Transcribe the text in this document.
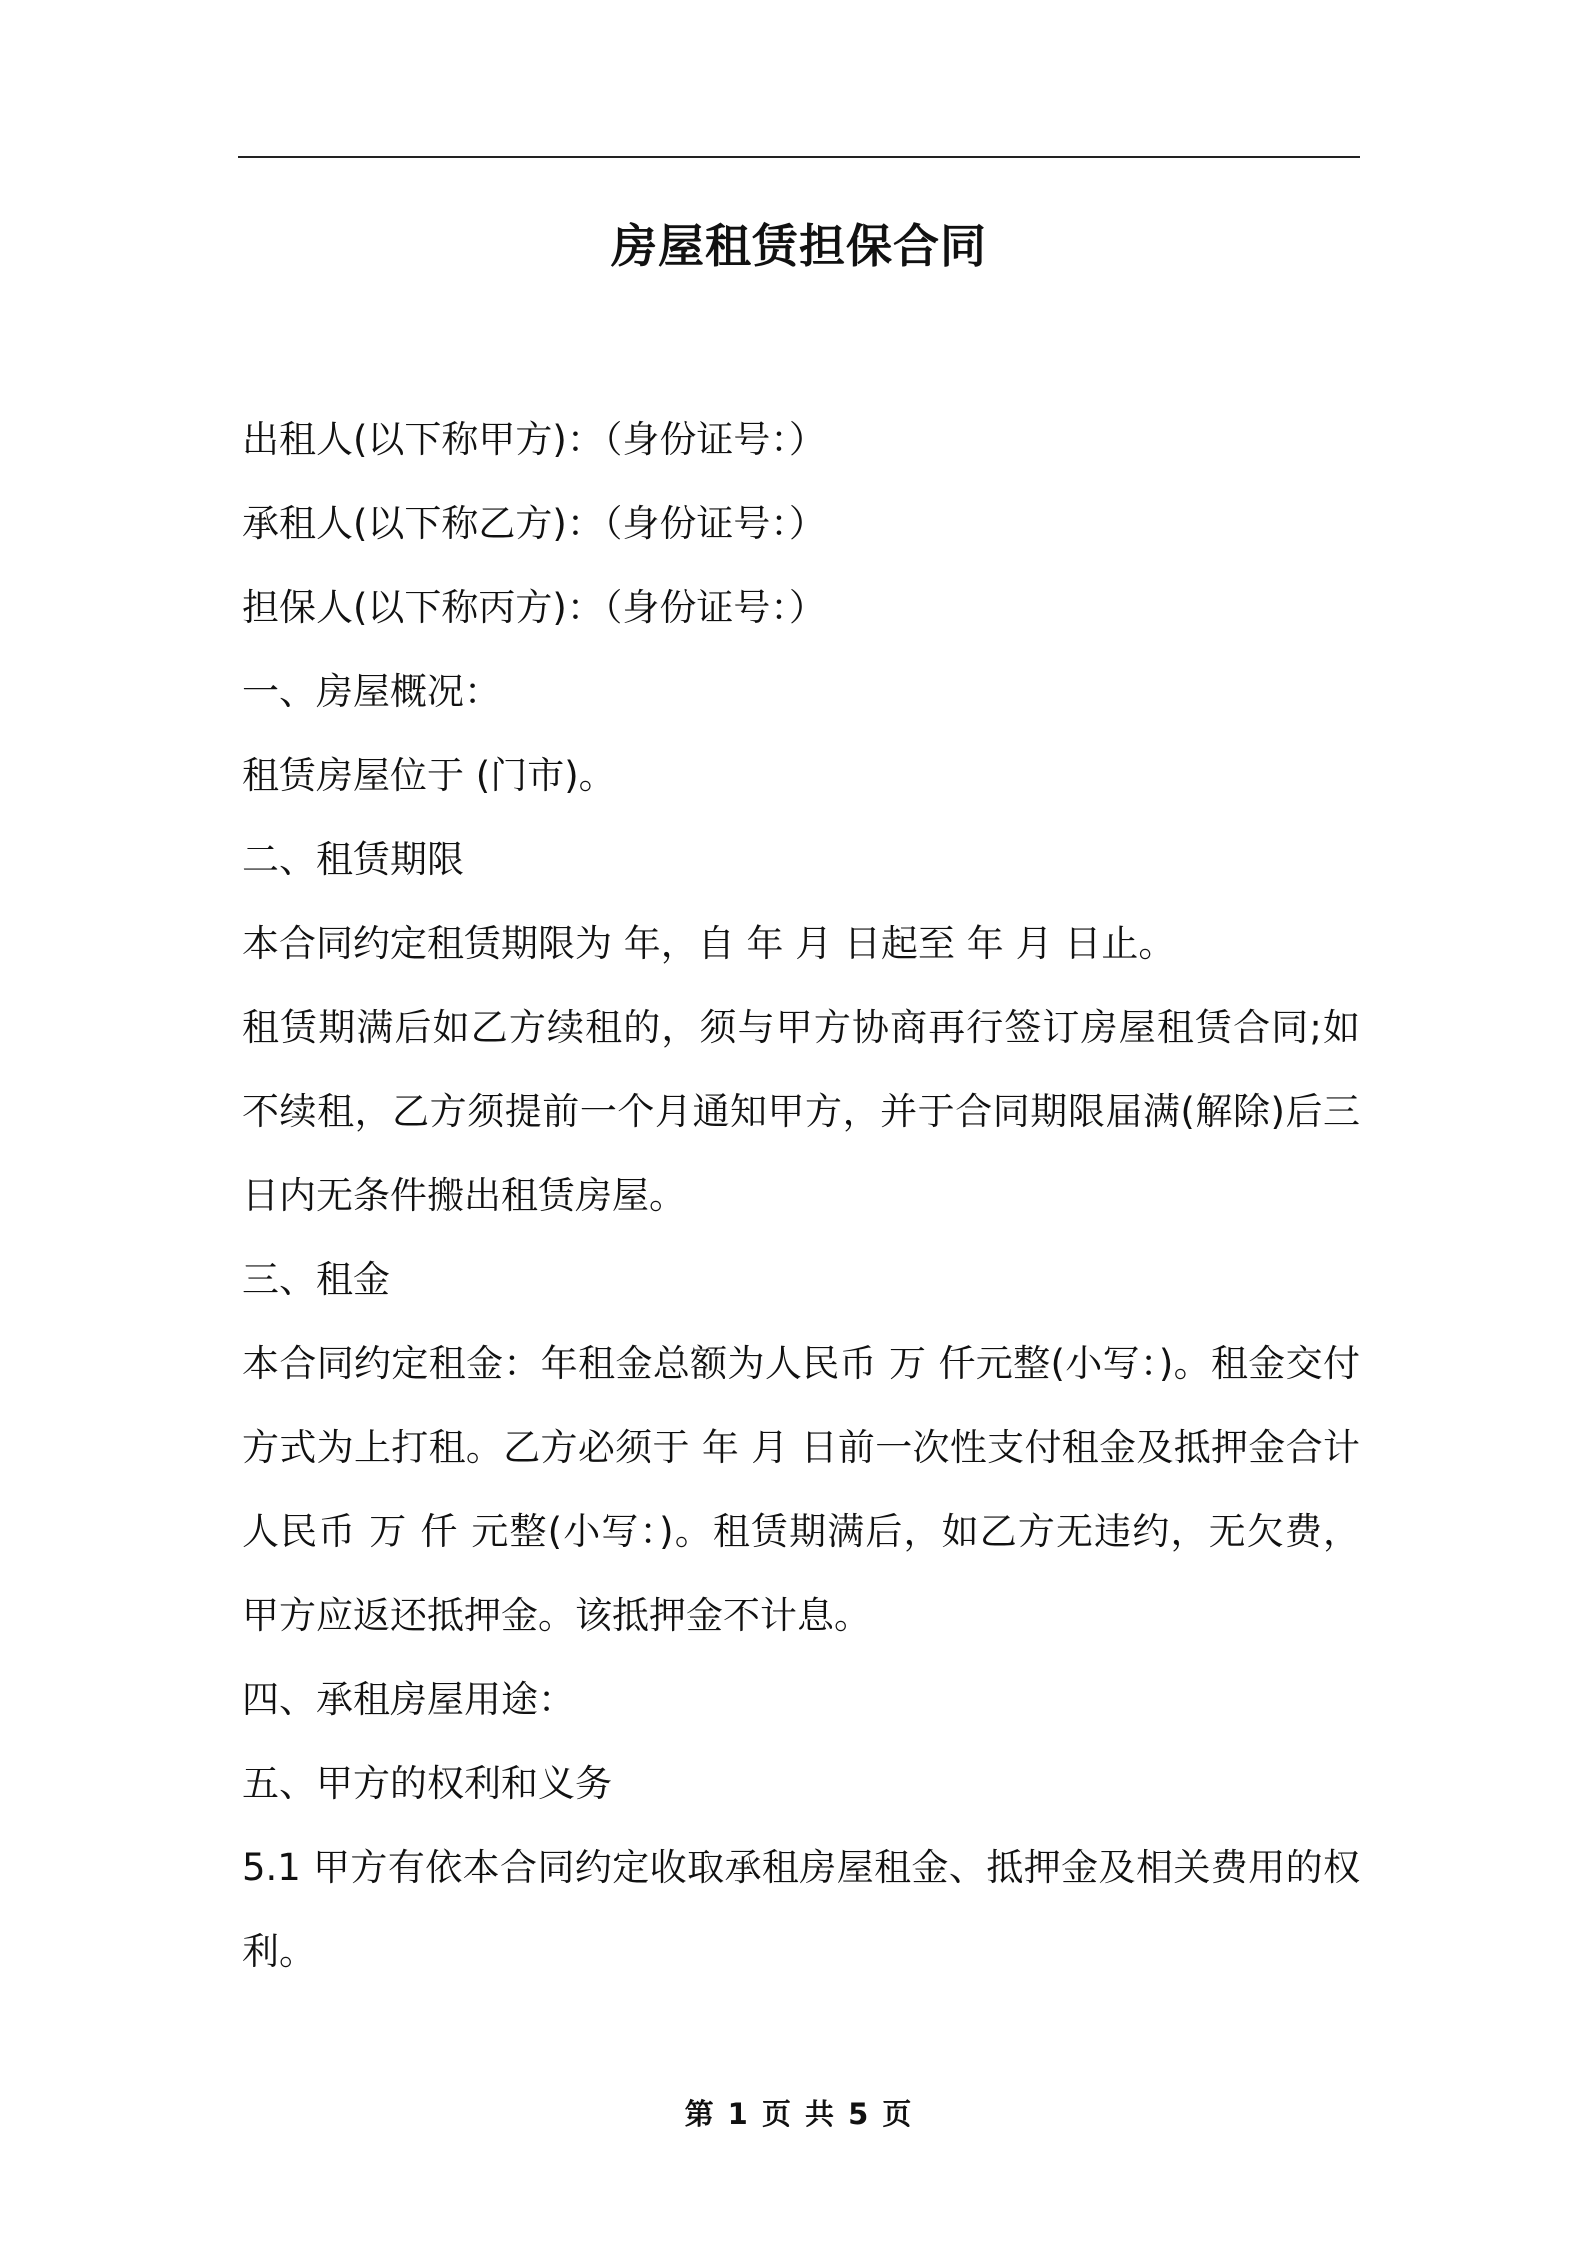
房屋租赁担保合同

出租人(以下称甲方)：（身份证号：）

承租人(以下称乙方)：（身份证号：）

担保人(以下称丙方)：（身份证号：）

一、房屋概况：

租赁房屋位于 (门市)。

二、租赁期限

本合同约定租赁期限为 年，自 年 月 日起至 年 月 日止。

租赁期满后如乙方续租的，须与甲方协商再行签订房屋租赁合同;如不续租，乙方须提前一个月通知甲方，并于合同期限届满(解除)后三日内无条件搬出租赁房屋。

三、租金

本合同约定租金：年租金总额为人民币 万 仟元整(小写：)。租金交付方式为上打租。乙方必须于 年 月 日前一次性支付租金及抵押金合计人民币 万 仟 元整(小写：)。租赁期满后，如乙方无违约，无欠费，甲方应返还抵押金。该抵押金不计息。

四、承租房屋用途：

五、甲方的权利和义务

5.1 甲方有依本合同约定收取承租房屋租金、抵押金及相关费用的权利。

第 1 页 共 5 页
